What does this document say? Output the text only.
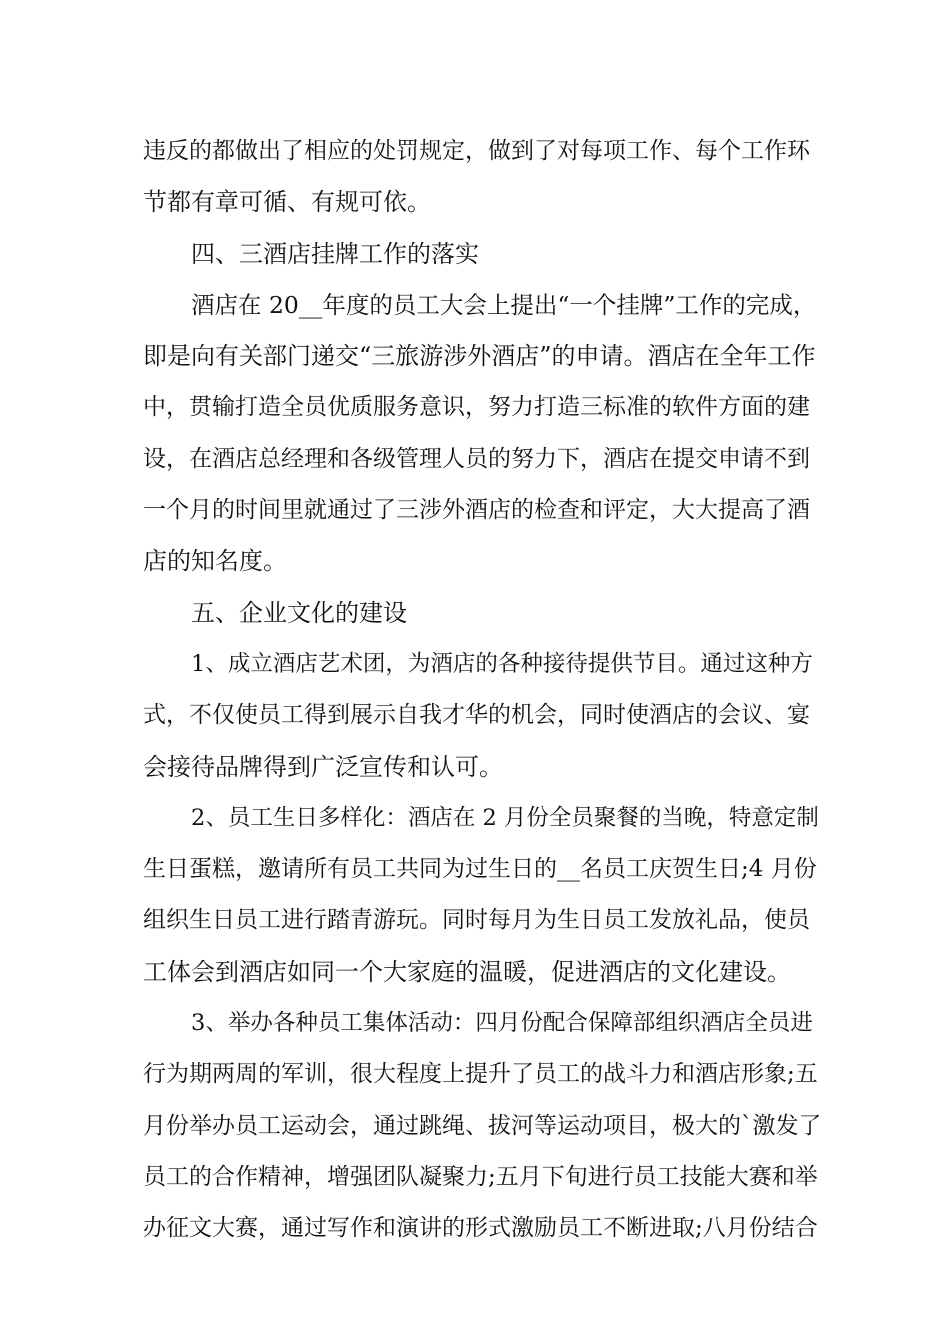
违反的都做出了相应的处罚规定，做到了对每项工作、每个工作环
节都有章可循、有规可依。
四、三酒店挂牌工作的落实
酒店在 20__年度的员工大会上提出“一个挂牌”工作的完成，
即是向有关部门递交“三旅游涉外酒店”的申请。酒店在全年工作
中，贯输打造全员优质服务意识，努力打造三标准的软件方面的建
设，在酒店总经理和各级管理人员的努力下，酒店在提交申请不到
一个月的时间里就通过了三涉外酒店的检查和评定，大大提高了酒
店的知名度。
五、企业文化的建设
1、成立酒店艺术团，为酒店的各种接待提供节目。通过这种方
式，不仅使员工得到展示自我才华的机会，同时使酒店的会议、宴
会接待品牌得到广泛宣传和认可。
2、员工生日多样化：酒店在 2 月份全员聚餐的当晚，特意定制
生日蛋糕，邀请所有员工共同为过生日的__名员工庆贺生日;4 月份
组织生日员工进行踏青游玩。同时每月为生日员工发放礼品，使员
工体会到酒店如同一个大家庭的温暖，促进酒店的文化建设。
3、举办各种员工集体活动：四月份配合保障部组织酒店全员进
行为期两周的军训，很大程度上提升了员工的战斗力和酒店形象;五
月份举办员工运动会，通过跳绳、拔河等运动项目，极大的`激发了
员工的合作精神，增强团队凝聚力;五月下旬进行员工技能大赛和举
办征文大赛，通过写作和演讲的形式激励员工不断进取;八月份结合
